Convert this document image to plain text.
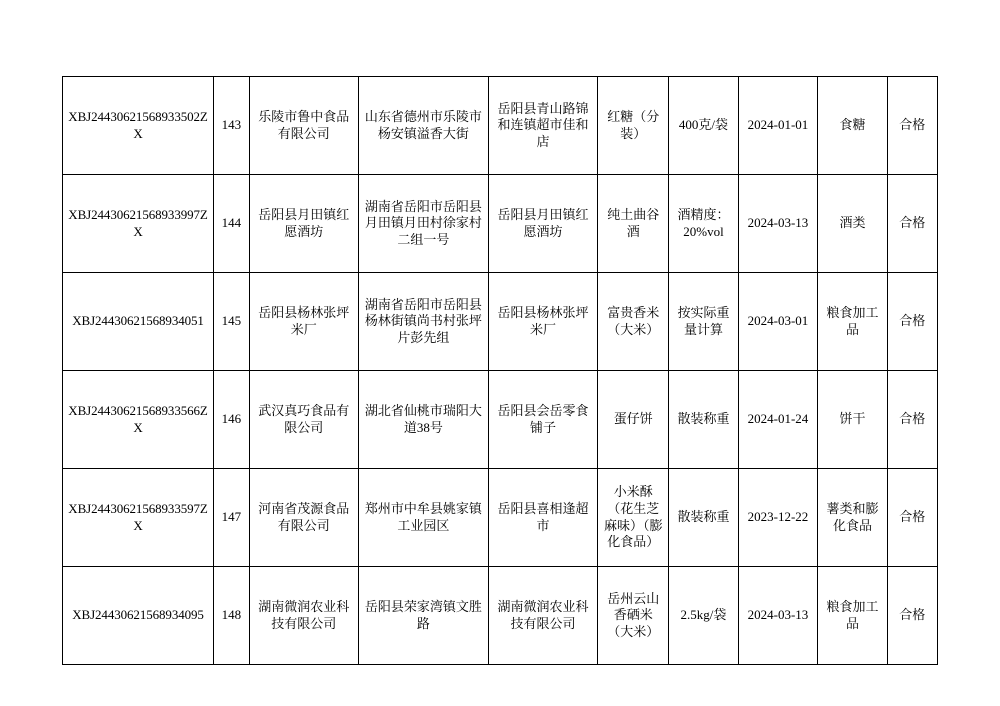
XBJ24430621568933502ZX	143	乐陵市鲁中食品有限公司	山东省德州市乐陵市杨安镇溢香大街	岳阳县青山路锦和连镇超市佳和店	红糖（分装）	400克/袋	2024-01-01	食糖	合格
XBJ24430621568933997ZX	144	岳阳县月田镇红愿酒坊	湖南省岳阳市岳阳县月田镇月田村徐家村二组一号	岳阳县月田镇红愿酒坊	纯土曲谷酒	酒精度：20%vol	2024-03-13	酒类	合格
XBJ24430621568934051	145	岳阳县杨林张坪米厂	湖南省岳阳市岳阳县杨林街镇尚书村张坪片彭先组	岳阳县杨林张坪米厂	富贵香米（大米）	按实际重量计算	2024-03-01	粮食加工品	合格
XBJ24430621568933566ZX	146	武汉真巧食品有限公司	湖北省仙桃市瑞阳大道38号	岳阳县会岳零食铺子	蛋仔饼	散装称重	2024-01-24	饼干	合格
XBJ24430621568933597ZX	147	河南省茂源食品有限公司	郑州市中牟县姚家镇工业园区	岳阳县喜相逢超市	小米酥（花生芝麻味）（膨化食品）	散装称重	2023-12-22	薯类和膨化食品	合格
XBJ24430621568934095	148	湖南微润农业科技有限公司	岳阳县荣家湾镇文胜路	湖南微润农业科技有限公司	岳州云山香硒米（大米）	2.5kg/袋	2024-03-13	粮食加工品	合格
